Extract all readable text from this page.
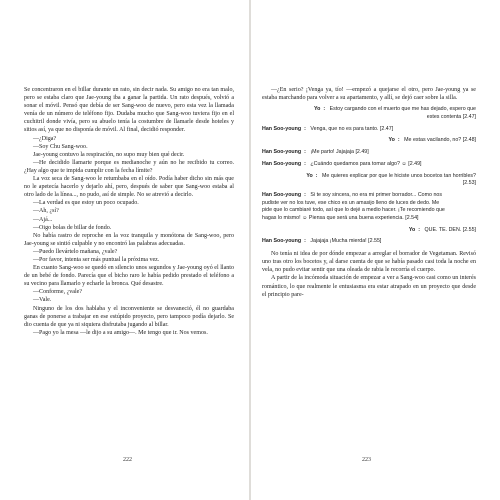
Se concentraron en el billar durante un rato, sin decir nada. Su amigo no era tan malo, pero se estaba claro que Jae-young iba a ganar la partida. Un rato después, volvió a sonar el móvil. Pensó que debía de ser Sang-woo de nuevo, pero esta vez la llamada venía de un número de teléfono fijo. Dudaba mucho que Sang-woo tuviera fijo en el cuchitril donde vivía, pero su abuelo tenía la costumbre de llamarle desde hoteles y sitios así, ya que no disponía de móvil. Al final, decidió responder.

—¿Diga?

—Soy Chu Sang-woo.

Jae-young contuvo la respiración, no supo muy bien qué decir.

—He decidido llamarte porque es medianoche y aún no he recibido tu correo. ¿Hay algo que te impida cumplir con la fecha límite?

La voz seca de Sang-woo le retumbaba en el oído. Podía haber dicho sin más que no le apetecía hacerlo y dejarlo ahí, pero, después de saber que Sang-woo estaba al otro lado de la línea..., no pudo, así de simple. No se atrevió a decirlo.

—La verdad es que estoy un poco ocupado.

—Ah, ¿sí?

—Ajá...

—Oigo bolas de billar de fondo.

No había rastro de reproche en la voz tranquila y monótona de Sang-woo, pero Jae-young se sintió culpable y no encontró las palabras adecuadas.

—Puedo llevártelo mañana, ¿vale?

—Por favor, intenta ser más puntual la próxima vez.

En cuanto Sang-woo se quedó en silencio unos segundos y Jae-young oyó el llanto de un bebé de fondo. Parecía que el bicho raro le había pedido prestado el teléfono a su vecino para llamarlo y echarle la bronca. Qué desastre.

—Conforme, ¿vale?

—Vale.

Ninguno de los dos hablaba y el inconveniente se desvaneció, él no guardaba ganas de ponerse a trabajar en ese estúpido proyecto, pero tampoco podía dejarlo. Se dio cuenta de que ya ni siquiera disfrutaba jugando al billar.

—Pago yo la mesa —le dijo a su amigo—. Me tengo que ir. Nos vemos.

222

—¿En serio? ¡Venga ya, tío! —empezó a quejarse el otro, pero Jae-young ya se estaba marchando para volver a su apartamento, y allí, se dejó caer sobre la silla.

Yo : Estoy cargando con el muerto que me has dejado, espero que estes contenta [2.47]
Han Soo-young : Venga, que no es para tanto. [2.47]
Yo : Me estas vacilando, no? [2.48]
Han Soo-young : ¡Me parto! Jajajaja [2.49]
Han Soo-young : ¿Cuándo quedamos para tomar algo? ☺ [2.49]
Yo : Me quieres explicar por que le hiciste unos bocetos tan horribles? [2.53]
Han Soo-young : Si te soy sincera, no era mi primer borrador... Como nos pudiste ver no los tuve, ese chico es un amasijo lleno de luces de dedo. Me pide que lo cambiaré todo, así que lo dejé a medio hacer. ¡Te recomiendo que hagas lo mismo! ☺ Piensa que será una buena experiencia. [2.54]
Yo : QUE. TE. DEN. [2.55]
Han Soo-young : Jajajaja ¡Mucha mierda! [2.55]

No tenía ni idea de por dónde empezar a arreglar el borrador de Vegetaman. Revisó uno tras otro los bocetos y, al darse cuenta de que se había pasado casi toda la noche en vela, no pudo evitar sentir que una oleada de rabia le recorría el cuerpo.

A partir de la incómoda situación de empezar a ver a Sang-woo casi como un interés romántico, lo que realmente le entusiasma era estar atrapado en un proyecto que desde el principio pare-

223
